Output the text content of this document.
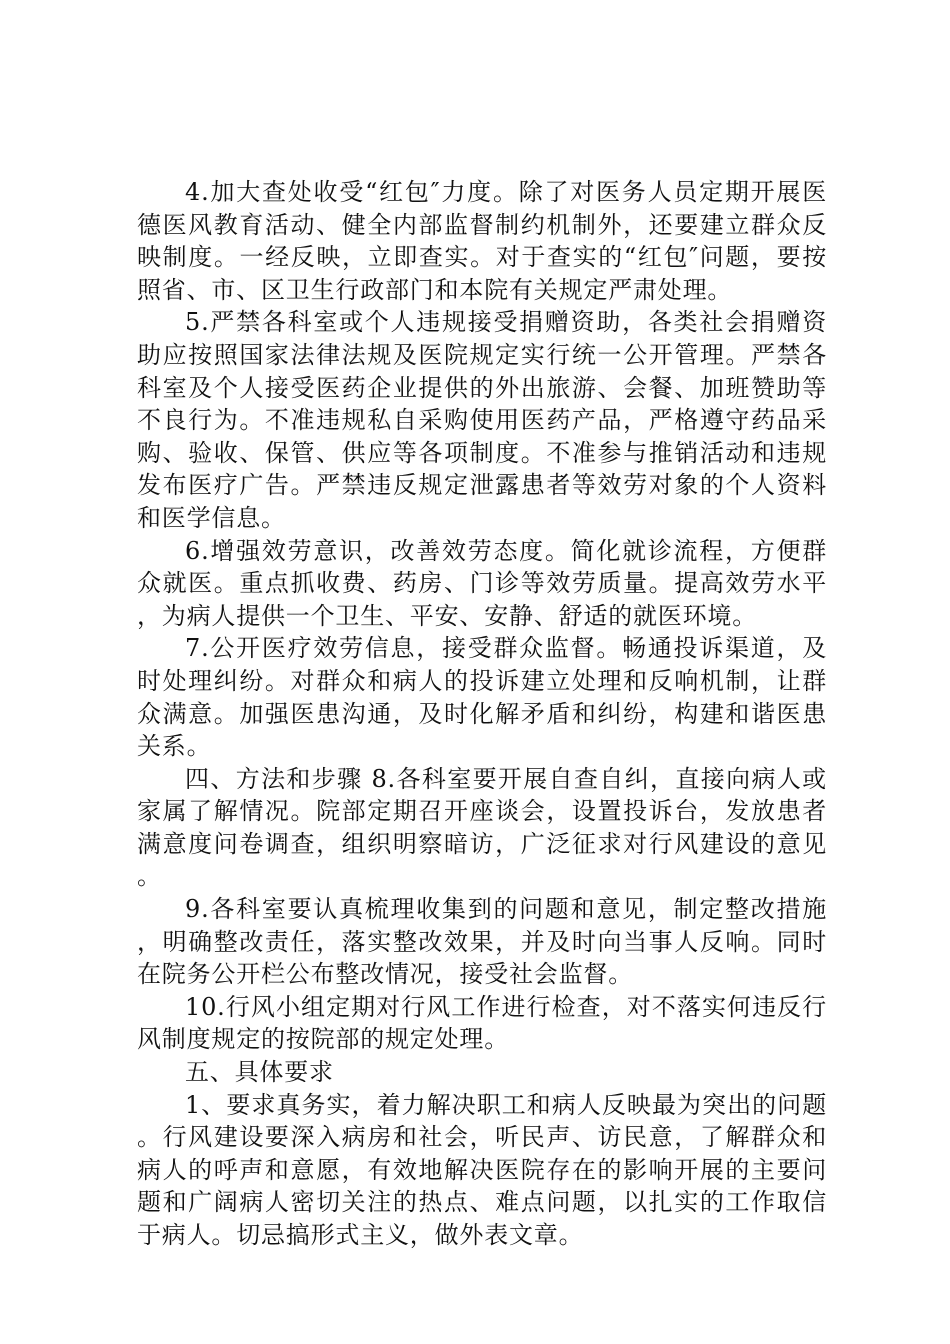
4.加大查处收受“红包″力度。除了对医务人员定期开展医德医风教育活动、健全内部监督制约机制外，还要建立群众反映制度。一经反映，立即查实。对于查实的“红包″问题，要按照省、市、区卫生行政部门和本院有关规定严肃处理。

5.严禁各科室或个人违规接受捐赠资助，各类社会捐赠资助应按照国家法律法规及医院规定实行统一公开管理。严禁各科室及个人接受医药企业提供的外出旅游、会餐、加班赞助等不良行为。不准违规私自采购使用医药产品，严格遵守药品采购、验收、保管、供应等各项制度。不准参与推销活动和违规发布医疗广告。严禁违反规定泄露患者等效劳对象的个人资料和医学信息。

6.增强效劳意识，改善效劳态度。简化就诊流程，方便群众就医。重点抓收费、药房、门诊等效劳质量。提高效劳水平，为病人提供一个卫生、平安、安静、舒适的就医环境。

7.公开医疗效劳信息，接受群众监督。畅通投诉渠道，及时处理纠纷。对群众和病人的投诉建立处理和反响机制，让群众满意。加强医患沟通，及时化解矛盾和纠纷，构建和谐医患关系。

四、方法和步骤 8.各科室要开展自查自纠，直接向病人或家属了解情况。院部定期召开座谈会，设置投诉台，发放患者满意度问卷调查，组织明察暗访，广泛征求对行风建设的意见。

9.各科室要认真梳理收集到的问题和意见，制定整改措施，明确整改责任，落实整改效果，并及时向当事人反响。同时在院务公开栏公布整改情况，接受社会监督。

10.行风小组定期对行风工作进行检查，对不落实何违反行风制度规定的按院部的规定处理。

五、具体要求

1、要求真务实，着力解决职工和病人反映最为突出的问题。行风建设要深入病房和社会，听民声、访民意，了解群众和病人的呼声和意愿，有效地解决医院存在的影响开展的主要问题和广阔病人密切关注的热点、难点问题，以扎实的工作取信于病人。切忌搞形式主义，做外表文章。
